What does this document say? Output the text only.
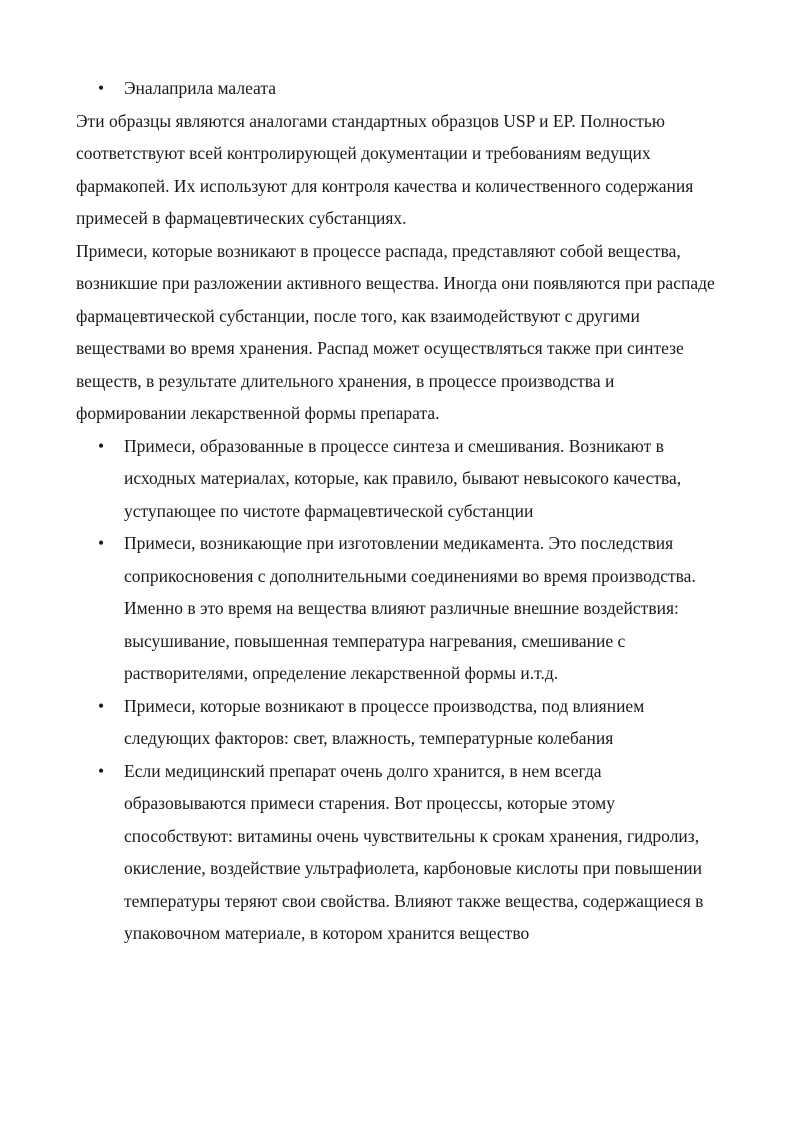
• Эналаприла малеата

Эти образцы являются аналогами стандартных образцов USP и EP. Полностью соответствуют всей контролирующей документации и требованиям ведущих фармакопей. Их используют для контроля качества и количественного содержания примесей в фармацевтических субстанциях.

Примеси, которые возникают в процессе распада, представляют собой вещества, возникшие при разложении активного вещества. Иногда они появляются при распаде фармацевтической субстанции, после того, как взаимодействуют с другими веществами во время хранения. Распад может осуществляться также при синтезе веществ, в результате длительного хранения, в процессе производства и формировании лекарственной формы препарата.

• Примеси, образованные в процессе синтеза и смешивания. Возникают в исходных материалах, которые, как правило, бывают невысокого качества, уступающее по чистоте фармацевтической субстанции
• Примеси, возникающие при изготовлении медикамента. Это последствия соприкосновения с дополнительными соединениями во время производства. Именно в это время на вещества влияют различные внешние воздействия: высушивание, повышенная температура нагревания, смешивание с растворителями, определение лекарственной формы и.т.д.
• Примеси, которые возникают в процессе производства, под влиянием следующих факторов: свет, влажность, температурные колебания
• Если медицинский препарат очень долго хранится, в нем всегда образовываются примеси старения. Вот процессы, которые этому способствуют: витамины очень чувствительны к срокам хранения, гидролиз, окисление, воздействие ультрафиолета, карбоновые кислоты при повышении температуры теряют свои свойства. Влияют также вещества, содержащиеся в упаковочном материале, в котором хранится вещество
